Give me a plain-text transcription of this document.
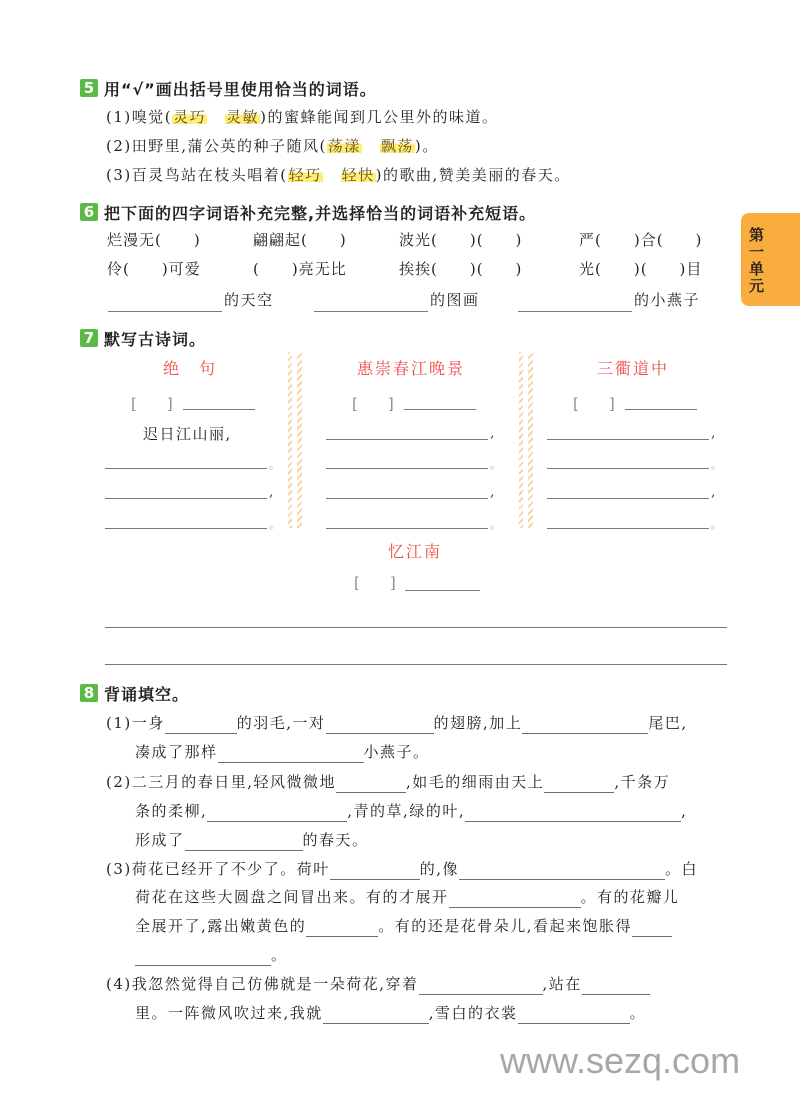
第一单元
5 用“√”画出括号里使用恰当的词语。
(1)嗅觉(灵巧 灵敏)的蜜蜂能闻到几公里外的味道。
(2)田野里,蒲公英的种子随风(荡漾 飘荡)。
(3)百灵鸟站在枝头唱着(轻巧 轻快)的歌曲,赞美美丽的春天。
6 把下面的四字词语补充完整,并选择恰当的词语补充短语。
烂漫无(　　)	翩翩起(　　)	波光(　　)(　　)	严(　　)合(　　)
伶(　　)可爱	(　　)亮无比	挨挨(　　)(　　)	光(　　)(　　)目
的天空	的图画	的小燕子
7 默写古诗词。
绝　句
[　　]
迟日江山丽,
。
,
。
惠崇春江晚景
[　　]
,
。
,
。
三衢道中
[　　]
,
。
,
。
忆江南
[　　]
8 背诵填空。
(1)一身	的羽毛,一对	的翅膀,加上	尾巴,
凑成了那样	小燕子。
(2)二三月的春日里,轻风微微地	,如毛的细雨由天上	,千条万
条的柔柳,	,青的草,绿的叶,	,
形成了	的春天。
(3)荷花已经开了不少了。荷叶	的,像	。白
荷花在这些大圆盘之间冒出来。有的才展开	。有的花瓣儿
全展开了,露出嫩黄色的	。有的还是花骨朵儿,看起来饱胀得
。
(4)我忽然觉得自己仿佛就是一朵荷花,穿着	,站在
里。一阵微风吹过来,我就	,雪白的衣裳	。
www.sezq.com
